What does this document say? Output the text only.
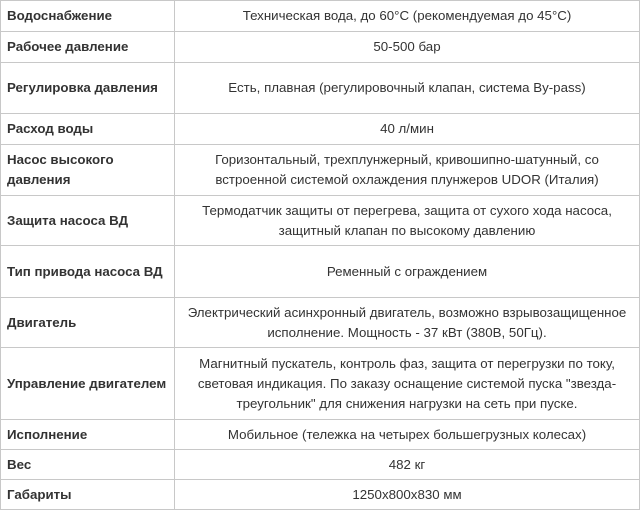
Водоснабжение	Техническая вода, до 60°С (рекомендуемая до 45°С)
Рабочее давление	50-500 бар
Регулировка давления	Есть, плавная (регулировочный клапан, система By-pass)
Расход воды	40 л/мин
Насос высокого давления	Горизонтальный, трехплунжерный, кривошипно-шатунный, со встроенной системой охлаждения плунжеров UDOR (Италия)
Защита насоса ВД	Термодатчик защиты от перегрева, защита от сухого хода насоса, защитный клапан по высокому давлению
Тип привода насоса ВД	Ременный с ограждением
Двигатель	Электрический асинхронный двигатель, возможно взрывозащищенное исполнение. Мощность - 37 кВт (380В, 50Гц).
Управление двигателем	Магнитный пускатель, контроль фаз, защита от перегрузки по току, световая индикация. По заказу оснащение системой пуска "звезда-треугольник" для снижения нагрузки на сеть при пуске.
Исполнение	Мобильное (тележка на четырех большегрузных колесах)
Вес	482 кг
Габариты	1250х800х830 мм
